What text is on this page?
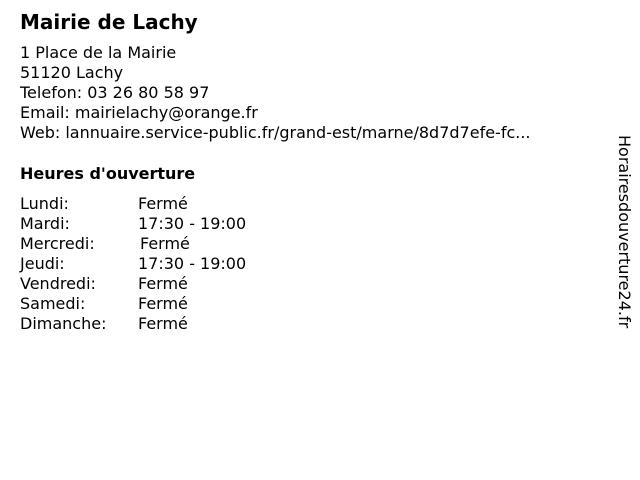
Mairie de Lachy
1 Place de la Mairie
51120 Lachy
Telefon: 03 26 80 58 97
Email: mairielachy@orange.fr
Web: lannuaire.service-public.fr/grand-est/marne/8d7d7efe-fc...
Heures d'ouverture
Lundi:	Fermé
Mardi:	17:30 - 19:00
Mercredi:	Fermé
Jeudi:	17:30 - 19:00
Vendredi:	Fermé
Samedi:	Fermé
Dimanche: Fermé	Horairesdouverture24.fr
